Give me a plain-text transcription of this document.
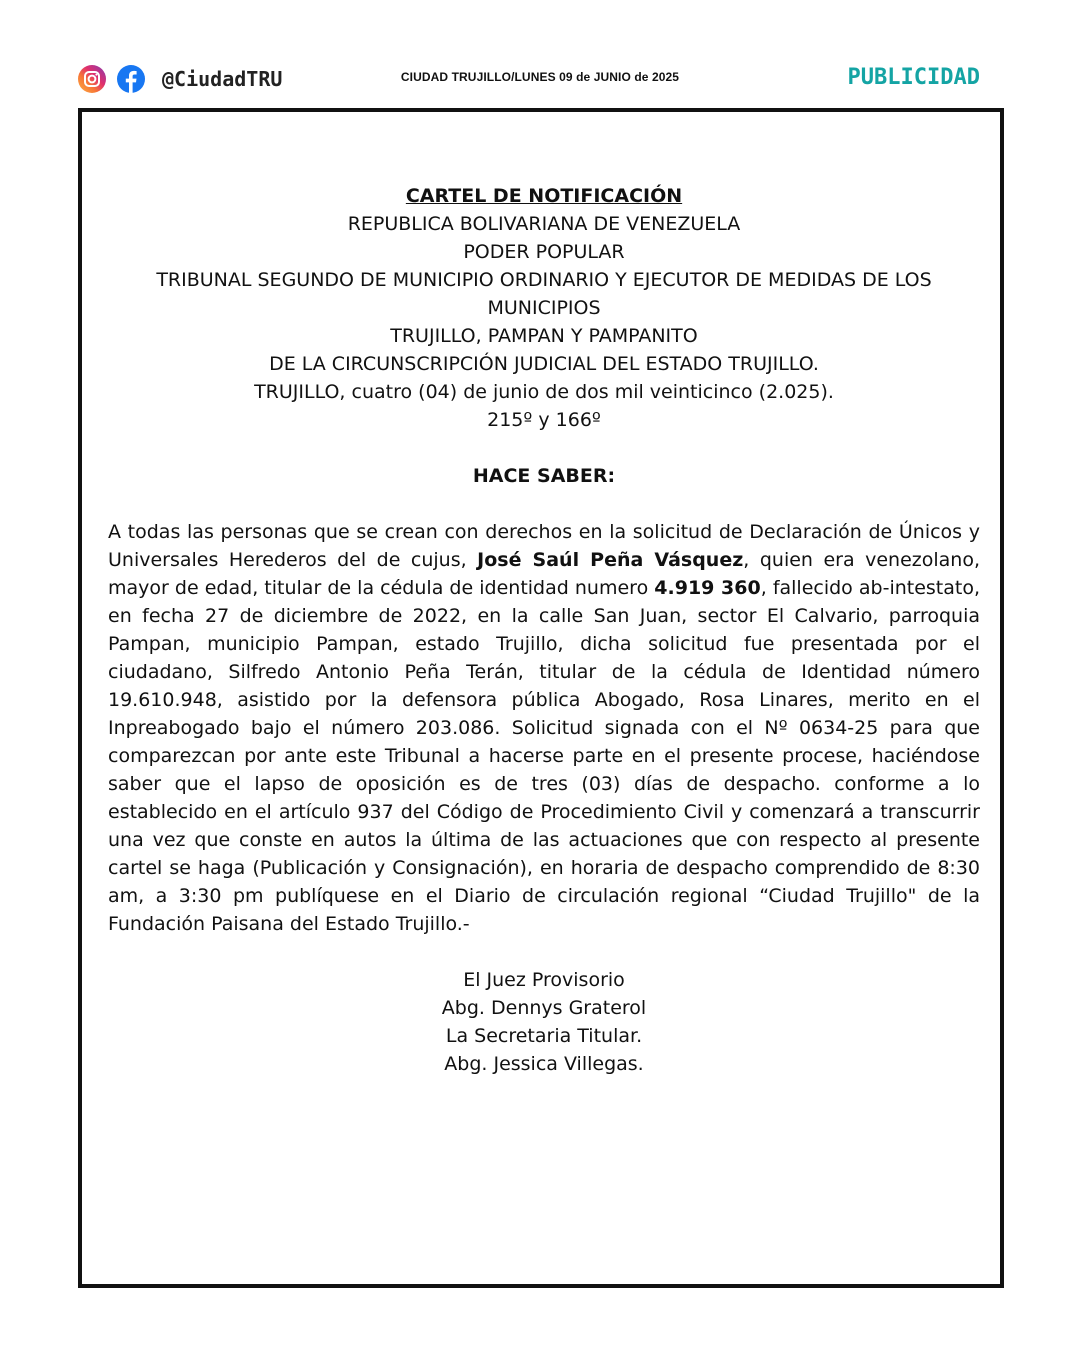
@CiudadTRU	CIUDAD TRUJILLO/LUNES 09 de JUNIO de 2025	PUBLICIDAD
CARTEL DE NOTIFICACIÓN
REPUBLICA BOLIVARIANA DE VENEZUELA
PODER POPULAR
TRIBUNAL SEGUNDO DE MUNICIPIO ORDINARIO Y EJECUTOR DE MEDIDAS DE LOS MUNICIPIOS
TRUJILLO, PAMPAN Y PAMPANITO
DE LA CIRCUNSCRIPCIÓN JUDICIAL DEL ESTADO TRUJILLO.
TRUJILLO, cuatro (04) de junio de dos mil veinticinco (2.025).
215º y 166º
HACE SABER:
A todas las personas que se crean con derechos en la solicitud de Declaración de Únicos y Universales Herederos del de cujus, José Saúl Peña Vásquez, quien era venezolano, mayor de edad, titular de la cédula de identidad numero 4.919 360, fallecido ab-intestato, en fecha 27 de diciembre de 2022, en la calle San Juan, sector El Calvario, parroquia Pampan, municipio Pampan, estado Trujillo, dicha solicitud fue presentada por el ciudadano, Silfredo Antonio Peña Terán, titular de la cédula de Identidad número 19.610.948, asistido por la defensora pública Abogado, Rosa Linares, merito en el Inpreabogado bajo el número 203.086. Solicitud signada con el Nº 0634-25 para que comparezcan por ante este Tribunal a hacerse parte en el presente procese, haciéndose saber que el lapso de oposición es de tres (03) días de despacho. conforme a lo establecido en el artículo 937 del Código de Procedimiento Civil y comenzará a transcurrir una vez que conste en autos la última de las actuaciones que con respecto al presente cartel se haga (Publicación y Consignación), en horaria de despacho comprendido de 8:30 am, a 3:30 pm publíquese en el Diario de circulación regional “Ciudad Trujillo" de la Fundación Paisana del Estado Trujillo.-
El Juez Provisorio
Abg. Dennys Graterol
La Secretaria Titular.
Abg. Jessica Villegas.
